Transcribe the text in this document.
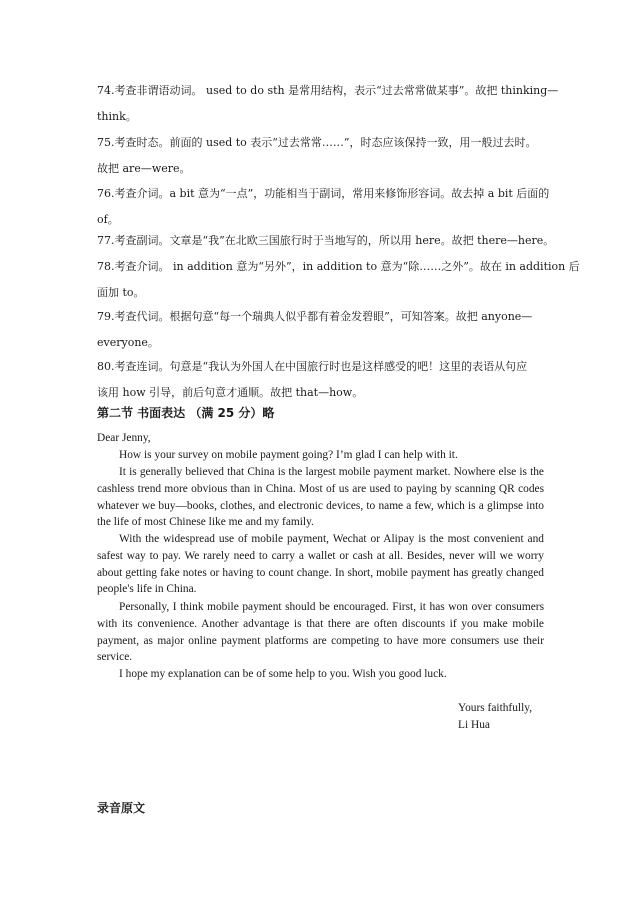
74.考查非谓语动词。 used to do sth 是常用结构，表示“过去常常做某事”。故把 thinking—
think。

75.考查时态。前面的 used to 表示“过去常常……”，时态应该保持一致，用一般过去时。
故把 are—were。

76.考查介词。a bit 意为“一点”，功能相当于副词，常用来修饰形容词。故去掉 a bit 后面的
of。

77.考查副词。文章是“我”在北欧三国旅行时于当地写的，所以用 here。故把 there—here。

78.考查介词。 in addition 意为“另外”，in addition to 意为“除……之外”。故在 in addition 后
面加 to。

79.考查代词。根据句意“每一个瑞典人似乎都有着金发碧眼”，可知答案。故把 anyone—
everyone。

80.考查连词。句意是“我认为外国人在中国旅行时也是这样感受的吧！这里的表语从句应
该用 how 引导，前后句意才通顺。故把 that—how。

第二节 书面表达 （满 25 分）略

Dear Jenny,

How is your survey on mobile payment going? I’m glad I can help with it.

It is generally believed that China is the largest mobile payment market. Nowhere else is the cashless trend more obvious than in China. Most of us are used to paying by scanning QR codes whatever we buy—books, clothes, and electronic devices, to name a few, which is a glimpse into the life of most Chinese like me and my family.

With the widespread use of mobile payment, Wechat or Alipay is the most convenient and safest way to pay. We rarely need to carry a wallet or cash at all. Besides, never will we worry about getting fake notes or having to count change. In short, mobile payment has greatly changed people's life in China.

Personally, I think mobile payment should be encouraged. First, it has won over consumers with its convenience. Another advantage is that there are often discounts if you make mobile payment, as major online payment platforms are competing to have more consumers use their service.

I hope my explanation can be of some help to you. Wish you good luck.

Yours faithfully,

Li Hua

录音原文
